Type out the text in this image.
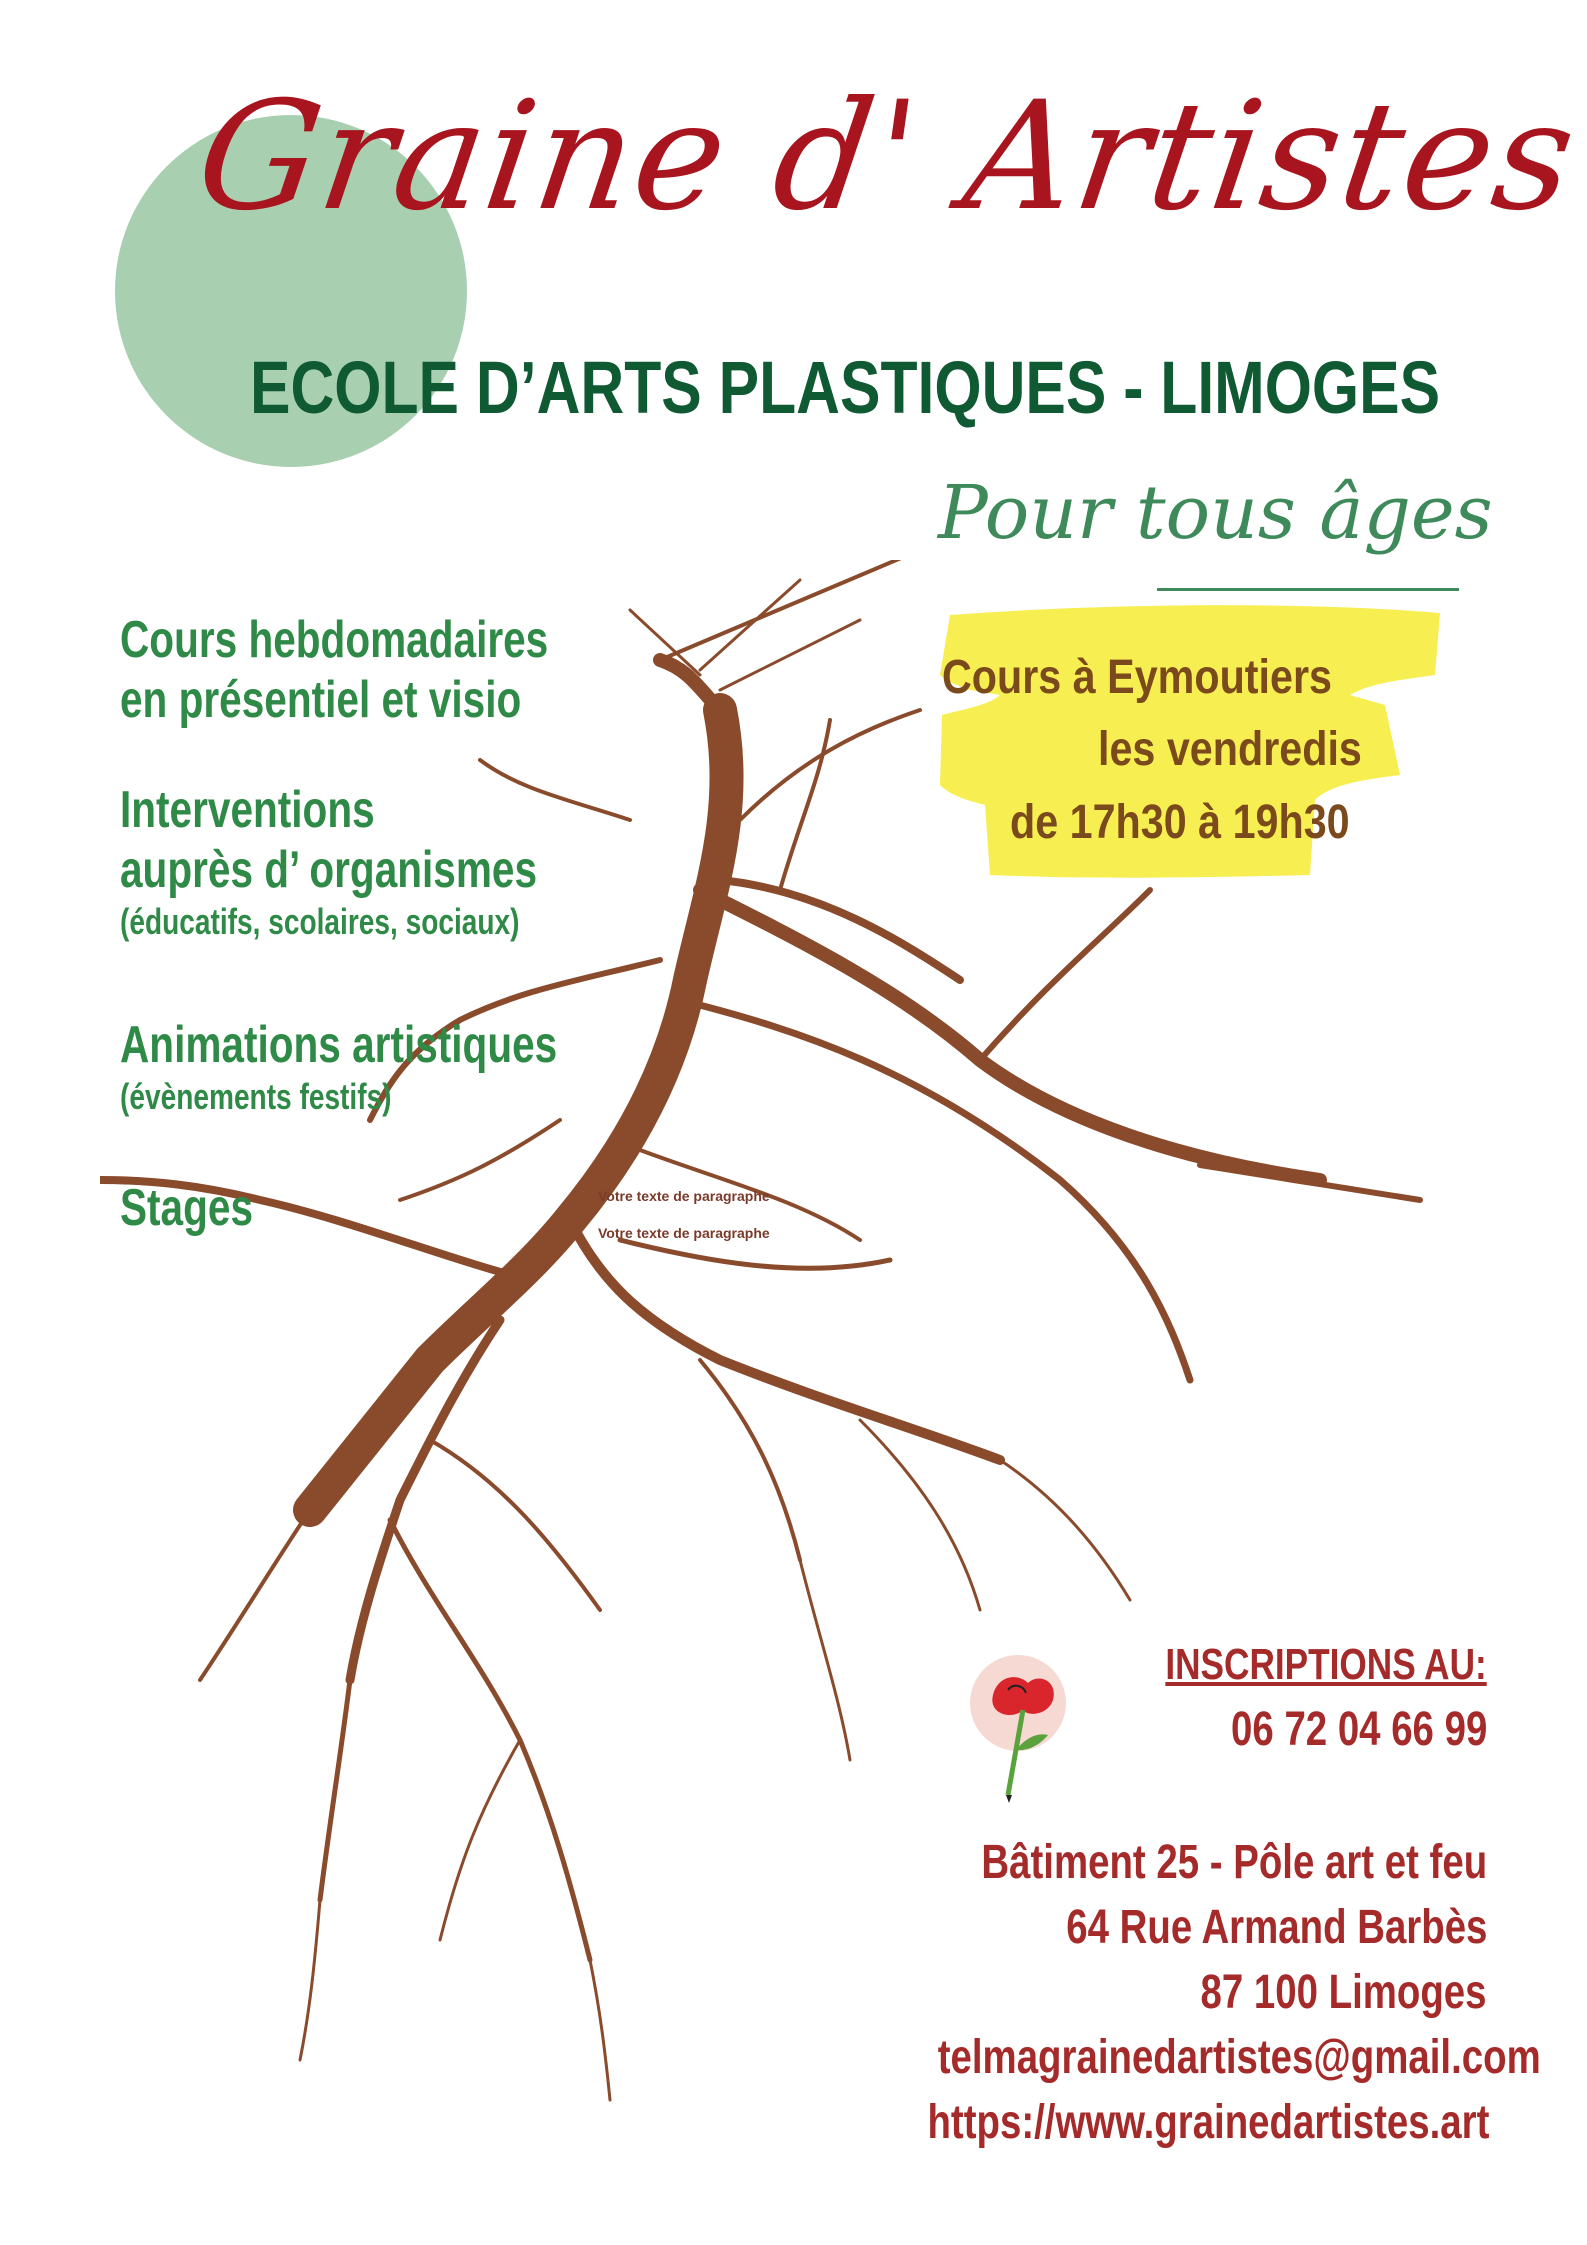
Graine d' Artistes
ECOLE D’ARTS PLASTIQUES - LIMOGES
Pour tous âges
Votre texte de paragraphe
Votre texte de paragraphe
Cours hebdomadaires
en présentiel et visio
Interventions
auprès d’ organismes
(éducatifs, scolaires, sociaux)
Animations artistiques
(évènements festifs)
Stages
Cours à Eymoutiers
les vendredis
de 17h30 à 19h30
INSCRIPTIONS AU:
06 72 04 66 99
Bâtiment 25 - Pôle art et feu
64 Rue Armand Barbès
87 100 Limoges
telmagrainedartistes@gmail.com
https://www.grainedartistes.art
